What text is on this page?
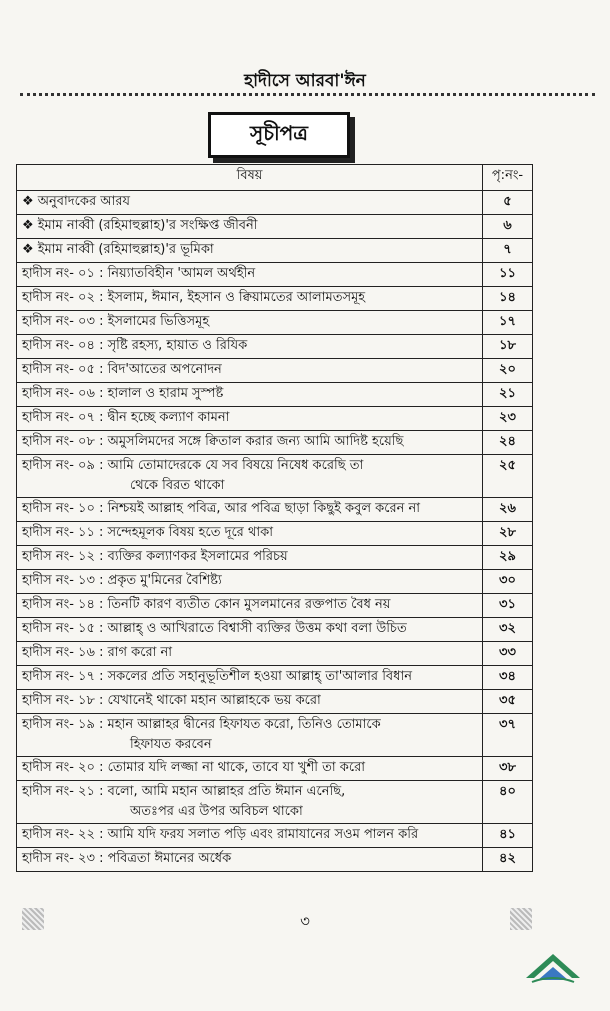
হাদীসে আরবা'ঈন
সূচীপত্র
বিষয়	পৃ:নং-

❖ অনুবাদকের আরয	৫

❖ ইমাম নাব্বী (রহিমাহুল্লাহ)'র সংক্ষিপ্ত জীবনী	৬

❖ ইমাম নাব্বী (রহিমাহুল্লাহ)'র ভূমিকা	৭

হাদীস নং- ০১ : নিয়্যাতবিহীন 'আমল অর্থহীন	১১

হাদীস নং- ০২ : ইসলাম, ঈমান, ইহসান ও ক্বিয়ামতের আলামতসমূহ	১৪

হাদীস নং- ০৩ : ইসলামের ভিত্তিসমূহ	১৭

হাদীস নং- ০৪ : সৃষ্টি রহস্য, হায়াত ও রিযিক	১৮

হাদীস নং- ০৫ : বিদ'আতের অপনোদন	২০

হাদীস নং- ০৬ : হালাল ও হারাম সুস্পষ্ট	২১

হাদীস নং- ০৭ : দ্বীন হচ্ছে কল্যাণ কামনা	২৩

হাদীস নং- ০৮ : অমুসলিমদের সঙ্গে ক্বিতাল করার জন্য আমি আদিষ্ট হয়েছি	২৪

হাদীস নং- ০৯ : আমি তোমাদেরকে যে সব বিষয়ে নিষেধ করেছি তা
থেকে বিরত থাকো	২৫

হাদীস নং- ১০ : নিশ্চয়ই আল্লাহ পবিত্র, আর পবিত্র ছাড়া কিছুই কবুল করেন না	২৬

হাদীস নং- ১১ : সন্দেহমূলক বিষয় হতে দূরে থাকা	২৮

হাদীস নং- ১২ : ব্যক্তির কল্যাণকর ইসলামের পরিচয়	২৯

হাদীস নং- ১৩ : প্রকৃত মু'মিনের বৈশিষ্ট্য	৩০

হাদীস নং- ১৪ : তিনটি কারণ ব্যতীত কোন মুসলমানের রক্তপাত বৈধ নয়	৩১

হাদীস নং- ১৫ : আল্লাহ্ ও আখিরাতে বিশ্বাসী ব্যক্তির উত্তম কথা বলা উচিত	৩২

হাদীস নং- ১৬ : রাগ করো না	৩৩

হাদীস নং- ১৭ : সকলের প্রতি সহানুভূতিশীল হওয়া আল্লাহ্ তা'আলার বিধান	৩৪

হাদীস নং- ১৮ : যেখানেই থাকো মহান আল্লাহকে ভয় করো	৩৫

হাদীস নং- ১৯ : মহান আল্লাহর দ্বীনের হিফাযত করো, তিনিও তোমাকে
হিফাযত করবেন	৩৭

হাদীস নং- ২০ : তোমার যদি লজ্জা না থাকে, তাবে যা খুশী তা করো	৩৮

হাদীস নং- ২১ : বলো, আমি মহান আল্লাহর প্রতি ঈমান এনেছি,
অতঃপর এর উপর অবিচল থাকো	৪০

হাদীস নং- ২২ : আমি যদি ফরয সলাত পড়ি এবং রামাযানের সওম পালন করি	৪১

হাদীস নং- ২৩ : পবিত্রতা ঈমানের অর্ধেক	৪২
৩
